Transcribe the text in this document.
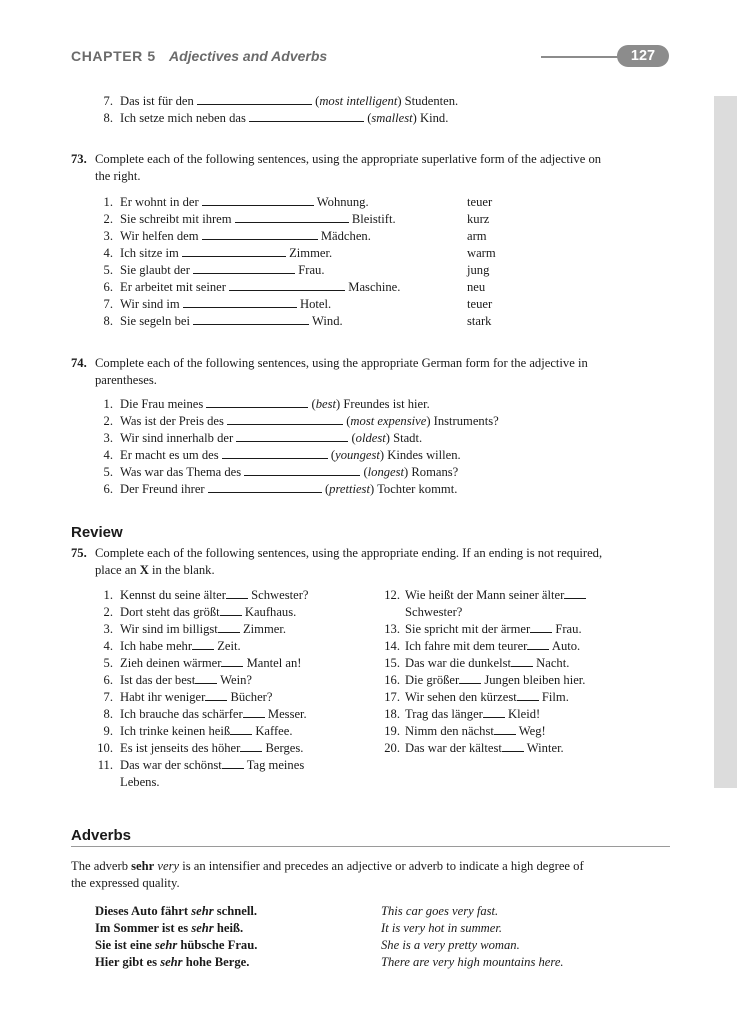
CHAPTER 5 Adjectives and Adverbs	127
7. Das ist für den	(most intelligent) Studenten.
8. Ich setze mich neben das	(smallest) Kind.
73. Complete each of the following sentences, using the appropriate superlative form of the adjective on
the right.
1. Er wohnt in der	Wohnung.	teuer
2. Sie schreibt mit ihrem	Bleistift.	kurz
3. Wir helfen dem	Mädchen.	arm
4. Ich sitze im	Zimmer.	warm
5. Sie glaubt der	Frau.	jung
6. Er arbeitet mit seiner	Maschine.	neu
7. Wir sind im	Hotel.	teuer
8. Sie segeln bei	Wind.	stark
74. Complete each of the following sentences, using the appropriate German form for the adjective in
parentheses.
1. Die Frau meines	(best) Freundes ist hier.
2. Was ist der Preis des	(most expensive) Instruments?
3. Wir sind innerhalb der	(oldest) Stadt.
4. Er macht es um des	(youngest) Kindes willen.
5. Was war das Thema des	(longest) Romans?
6. Der Freund ihrer	(prettiest) Tochter kommt.
Review
75. Complete each of the following sentences, using the appropriate ending. If an ending is not required,
place an X in the blank.
1. Kennst du seine älter Schwester?
2. Dort steht das größt Kaufhaus.
3. Wir sind im billigst Zimmer.
4. Ich habe mehr Zeit.
5. Zieh deinen wärmer Mantel an!
6. Ist das der best Wein?
7. Habt ihr weniger Bücher?
8. Ich brauche das schärfer Messer.
9. Ich trinke keinen heiß Kaffee.
10. Es ist jenseits des höher Berges.
11. Das war der schönst Tag meines
Lebens.
12. Wie heißt der Mann seiner älter
Schwester?
13. Sie spricht mit der ärmer Frau.
14. Ich fahre mit dem teurer Auto.
15. Das war die dunkelst Nacht.
16. Die größer Jungen bleiben hier.
17. Wir sehen den kürzest Film.
18. Trag das länger Kleid!
19. Nimm den nächst Weg!
20. Das war der kältest Winter.
Adverbs
The adverb sehr very is an intensifier and precedes an adjective or adverb to indicate a high degree of
the expressed quality.
Dieses Auto fährt sehr schnell.	This car goes very fast.
Im Sommer ist es sehr heiß.	It is very hot in summer.
Sie ist eine sehr hübsche Frau.	She is a very pretty woman.
Hier gibt es sehr hohe Berge.	There are very high mountains here.
